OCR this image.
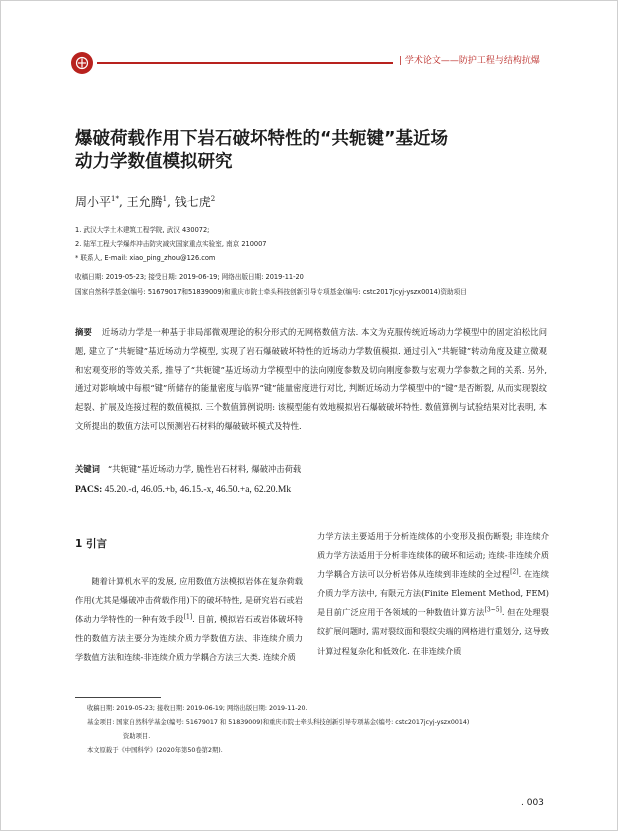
| 学术论文——防护工程与结构抗爆
爆破荷载作用下岩石破坏特性的“共轭键”基近场
动力学数值模拟研究
周小平$^{1*}$, 王允腾$^1$, 钱七虎$^2$
1. 武汉大学土木建筑工程学院, 武汉 430072;
2. 陆军工程大学爆炸冲击防灾减灾国家重点实验室, 南京 210007
* 联系人, E-mail: xiao_ping_zhou@126.com
收稿日期: 2019-05-23; 接受日期: 2019-06-19; 网络出版日期: 2019-11-20
国家自然科学基金(编号: 51679017和51839009)和重庆市院士牵头科技创新引导专项基金(编号: cstc2017jcyj-yszx0014)资助项目

摘要 近场动力学是一种基于非局部微观理论的积分形式的无网格数值方法. 本文为克服传统近场动力学模型中的固定泊松比问题, 建立了“共轭键”基近场动力学模型, 实现了岩石爆破破坏特性的近场动力学数值模拟. 通过引入“共轭键”转动角度及建立微观和宏观变形的等效关系, 推导了“共轭键”基近场动力学模型中的法向刚度参数及切向刚度参数与宏观力学参数之间的关系. 另外, 通过对影响域中每根“键”所储存的能量密度与临界“键”能量密度进行对比, 判断近场动力学模型中的“键”是否断裂, 从而实现裂纹起裂、扩展及连接过程的数值模拟. 三个数值算例说明: 该模型能有效地模拟岩石爆破破坏特性. 数值算例与试验结果对比表明, 本文所提出的数值方法可以预测岩石材料的爆破破坏模式及特性.

关键词 “共轭键”基近场动力学, 脆性岩石材料, 爆破冲击荷载
PACS: 45.20.-d, 46.05.+b, 46.15.-x, 46.50.+a, 62.20.Mk
1 引言

随着计算机水平的发展, 应用数值方法模拟岩体在复杂荷载作用(尤其是爆破冲击荷载作用)下的破坏特性, 是研究岩石或岩体动力学特性的一种有效手段[1]. 目前, 模拟岩石或岩体破坏特性的数值方法主要分为连续介质力学数值方法、非连续介质力学数值方法和连续-非连续介质力学耦合方法三大类. 连续介质

力学方法主要适用于分析连续体的小变形及损伤断裂; 非连续介质力学方法适用于分析非连续体的破坏和运动; 连续-非连续介质力学耦合方法可以分析岩体从连续到非连续的全过程[2]. 在连续介质力学方法中, 有限元方法(Finite Element Method, FEM)是目前广泛应用于各领域的一种数值计算方法[3~5]. 但在处理裂纹扩展问题时, 需对裂纹面和裂纹尖端的网格进行重划分, 这导致计算过程复杂化和低效化. 在非连续介质

收稿日期: 2019-05-23; 接收日期: 2019-06-19; 网络出版日期: 2019-11-20.
基金项目: 国家自然科学基金(编号: 51679017 和 51839009)和重庆市院士牵头科技创新引导专项基金(编号: cstc2017jcyj-yszx0014)
资助项目.
本文原载于《中国科学》(2020年第50卷第2期).
. 003
